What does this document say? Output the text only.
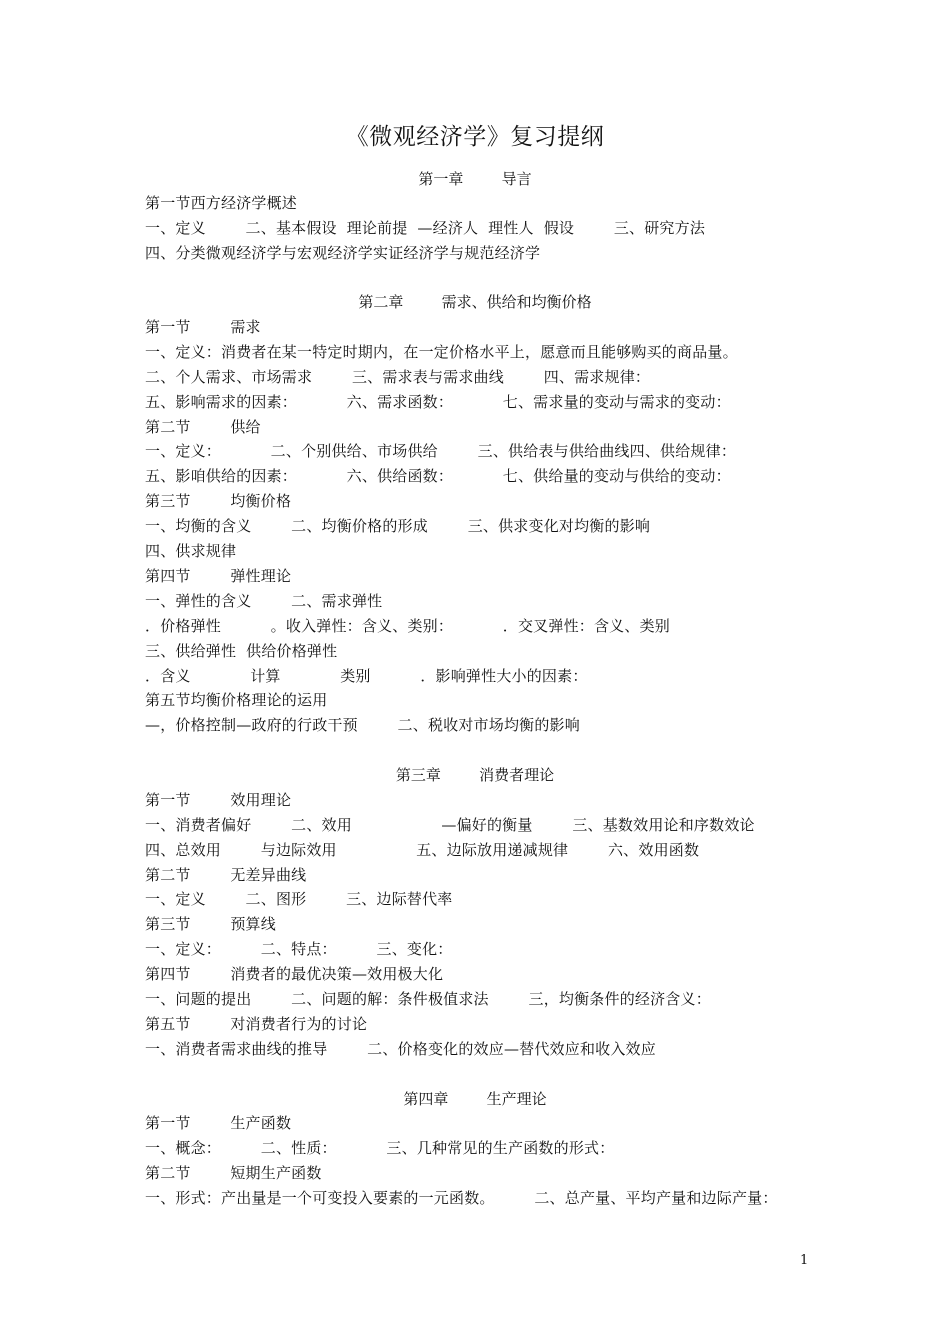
《微观经济学》复习提纲
第一章        导言
第一节西方经济学概述
一、定义        二、基本假设  理论前提  —经济人  理性人  假设        三、研究方法
四、分类微观经济学与宏观经济学实证经济学与规范经济学
第二章        需求、供给和均衡价格
第一节        需求
一、定义：消费者在某一特定时期内，在一定价格水平上，愿意而且能够购买的商品量。
二、个人需求、市场需求        三、需求表与需求曲线        四、需求规律：
五、影响需求的因素：          六、需求函数：          七、需求量的变动与需求的变动：
第二节        供给
一、定义：          二、个别供给、市场供给        三、供给表与供给曲线四、供给规律：
五、影咱供给的因素：          六、供给函数：          七、供给量的变动与供给的变动：
第三节        均衡价格
一、均衡的含义        二、均衡价格的形成        三、供求变化对均衡的影响
四、供求规律
第四节        弹性理论
一、弹性的含义        二、需求弹性
．价格弹性          。收入弹性：含义、类别：          ．交叉弹性：含义、类别
三、供给弹性  供给价格弹性
．含义            计算            类别          ．影响弹性大小的因素：
第五节均衡价格理论的运用
—，价格控制—政府的行政干预        二、税收对市场均衡的影响
第三章        消费者理论
第一节        效用理论
一、消费者偏好        二、效用                  —偏好的衡量        三、基数效用论和序数效论
四、总效用        与边际效用                五、边际放用递减规律        六、效用函数
第二节        无差异曲线
一、定义        二、图形        三、边际替代率
第三节        预算线
一、定义：        二、特点：        三、变化：
第四节        消费者的最优决策—效用极大化
一、问题的提出        二、问题的解：条件极值求法        三，均衡条件的经济含义：
第五节        对消费者行为的讨论
一、消费者需求曲线的推导        二、价格变化的效应—替代效应和收入效应
第四章        生产理论
第一节        生产函数
一、概念：        二、性质：          三、几种常见的生产函数的形式：
第二节        短期生产函数
一、形式：产出量是一个可变投入要素的一元函数。        二、总产量、平均产量和边际产量：
1
